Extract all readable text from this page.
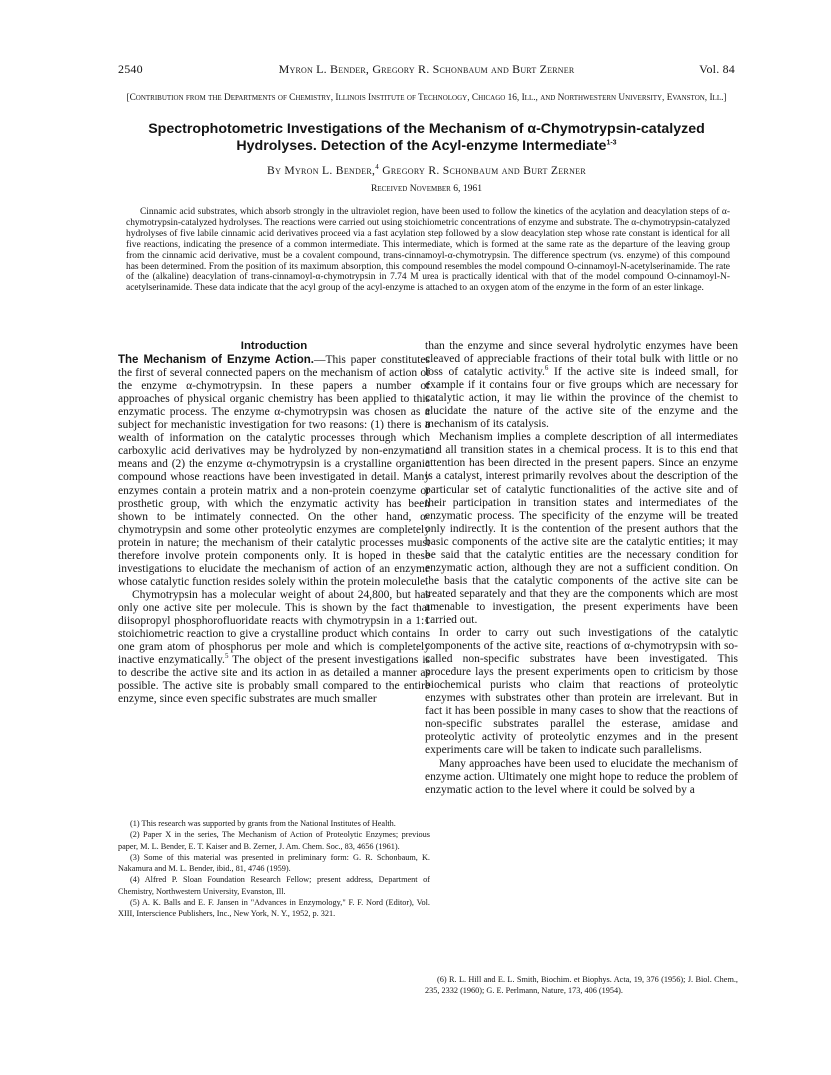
2540	Myron L. Bender, Gregory R. Schonbaum and Burt Zerner	Vol. 84
[Contribution from the Departments of Chemistry, Illinois Institute of Technology, Chicago 16, Ill., and Northwestern University, Evanston, Ill.]
Spectrophotometric Investigations of the Mechanism of α-Chymotrypsin-catalyzed Hydrolyses. Detection of the Acyl-enzyme Intermediate$^{1-3}$
By Myron L. Bender,$^4$ Gregory R. Schonbaum and Burt Zerner
Received November 6, 1961
Cinnamic acid substrates, which absorb strongly in the ultraviolet region, have been used to follow the kinetics of the acylation and deacylation steps of α-chymotrypsin-catalyzed hydrolyses. The reactions were carried out using stoichiometric concentrations of enzyme and substrate. The α-chymotrypsin-catalyzed hydrolyses of five labile cinnamic acid derivatives proceed via a fast acylation step followed by a slow deacylation step whose rate constant is identical for all five reactions, indicating the presence of a common intermediate. This intermediate, which is formed at the same rate as the departure of the leaving group from the cinnamic acid derivative, must be a covalent compound, trans-cinnamoyl-α-chymotrypsin. The difference spectrum (vs. enzyme) of this compound has been determined. From the position of its maximum absorption, this compound resembles the model compound O-cinnamoyl-N-acetylserinamide. The rate of the (alkaline) deacylation of trans-cinnamoyl-α-chymotrypsin in 7.74 M urea is practically identical with that of the model compound O-cinnamoyl-N-acetylserinamide. These data indicate that the acyl group of the acyl-enzyme is attached to an oxygen atom of the enzyme in the form of an ester linkage.
Introduction

The Mechanism of Enzyme Action.—This paper constitutes the first of several connected papers on the mechanism of action of the enzyme α-chymotrypsin. In these papers a number of approaches of physical organic chemistry has been applied to this enzymatic process. The enzyme α-chymotrypsin was chosen as a subject for mechanistic investigation for two reasons: (1) there is a wealth of information on the catalytic processes through which carboxylic acid derivatives may be hydrolyzed by non-enzymatic means and (2) the enzyme α-chymotrypsin is a crystalline organic compound whose reactions have been investigated in detail. Many enzymes contain a protein matrix and a non-protein coenzyme or prosthetic group, with which the enzymatic activity has been shown to be intimately connected. On the other hand, α-chymotrypsin and some other proteolytic enzymes are completely protein in nature; the mechanism of their catalytic processes must therefore involve protein components only. It is hoped in these investigations to elucidate the mechanism of action of an enzyme whose catalytic function resides solely within the protein molecule.

Chymotrypsin has a molecular weight of about 24,800, but has only one active site per molecule. This is shown by the fact that diisopropyl phosphorofluoridate reacts with chymotrypsin in a 1:1 stoichiometric reaction to give a crystalline product which contains one gram atom of phosphorus per mole and which is completely inactive enzymatically.$^5$ The object of the present investigations is to describe the active site and its action in as detailed a manner as possible. The active site is probably small compared to the entire enzyme, since even specific substrates are much smaller

(1) This research was supported by grants from the National Institutes of Health.

(2) Paper X in the series, The Mechanism of Action of Proteolytic Enzymes; previous paper, M. L. Bender, E. T. Kaiser and B. Zerner, J. Am. Chem. Soc., 83, 4656 (1961).

(3) Some of this material was presented in preliminary form: G. R. Schonbaum, K. Nakamura and M. L. Bender, ibid., 81, 4746 (1959).

(4) Alfred P. Sloan Foundation Research Fellow; present address, Department of Chemistry, Northwestern University, Evanston, Ill.

(5) A. K. Balls and E. F. Jansen in "Advances in Enzymology," F. F. Nord (Editor), Vol. XIII, Interscience Publishers, Inc., New York, N. Y., 1952, p. 321.

than the enzyme and since several hydrolytic enzymes have been cleaved of appreciable fractions of their total bulk with little or no loss of catalytic activity.$^6$ If the active site is indeed small, for example if it contains four or five groups which are necessary for catalytic action, it may lie within the province of the chemist to elucidate the nature of the active site of the enzyme and the mechanism of its catalysis.

Mechanism implies a complete description of all intermediates and all transition states in a chemical process. It is to this end that attention has been directed in the present papers. Since an enzyme is a catalyst, interest primarily revolves about the description of the particular set of catalytic functionalities of the active site and of their participation in transition states and intermediates of the enzymatic process. The specificity of the enzyme will be treated only indirectly. It is the contention of the present authors that the basic components of the active site are the catalytic entities; it may be said that the catalytic entities are the necessary condition for enzymatic action, although they are not a sufficient condition. On the basis that the catalytic components of the active site can be treated separately and that they are the components which are most amenable to investigation, the present experiments have been carried out.

In order to carry out such investigations of the catalytic components of the active site, reactions of α-chymotrypsin with so-called non-specific substrates have been investigated. This procedure lays the present experiments open to criticism by those biochemical purists who claim that reactions of proteolytic enzymes with substrates other than protein are irrelevant. But in fact it has been possible in many cases to show that the reactions of non-specific substrates parallel the esterase, amidase and proteolytic activity of proteolytic enzymes and in the present experiments care will be taken to indicate such parallelisms.

Many approaches have been used to elucidate the mechanism of enzyme action. Ultimately one might hope to reduce the problem of enzymatic action to the level where it could be solved by a

(6) R. L. Hill and E. L. Smith, Biochim. et Biophys. Acta, 19, 376 (1956); J. Biol. Chem., 235, 2332 (1960); G. E. Perlmann, Nature, 173, 406 (1954).
